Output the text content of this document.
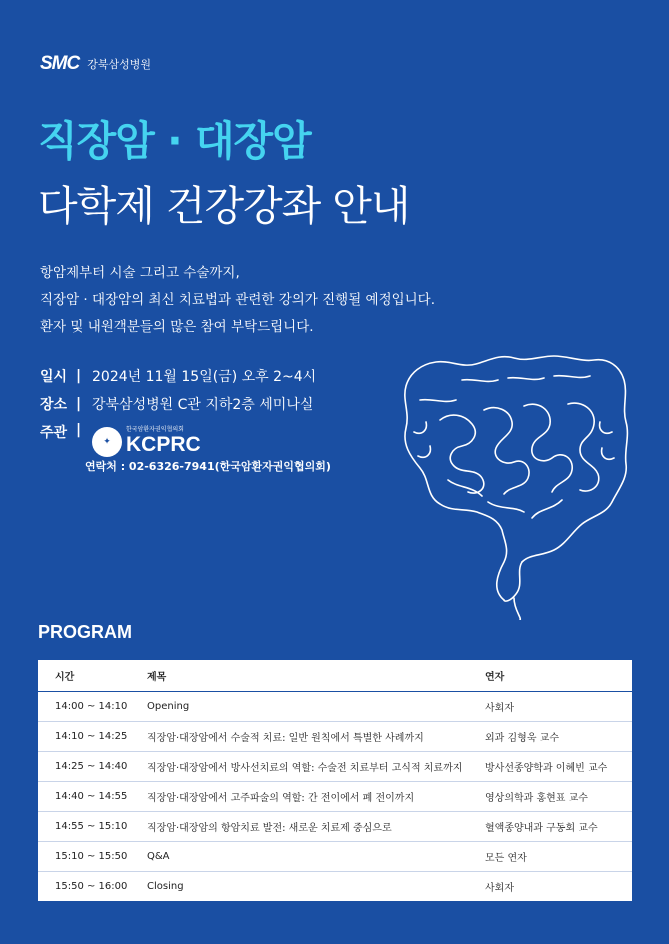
SMC 강북삼성병원
직장암 · 대장암
다학제 건강강좌 안내
항암제부터 시술 그리고 수술까지,
직장암 · 대장암의 최신 치료법과 관련한 강의가 진행될 예정입니다.
환자 및 내원객분들의 많은 참여 부탁드립니다.
일시 | 2024년 11월 15일(금) 오후 2~4시
장소 | 강북삼성병원 C관 지하2층 세미나실
주관 |
✦
한국암환자권익협의회
KCPRC
연락처 : 02-6326-7941(한국암환자권익협의회)
PROGRAM
시간	제목	연자
14:00 ~ 14:10	Opening	사회자
14:10 ~ 14:25	직장암·대장암에서 수술적 치료: 일반 원칙에서 특별한 사례까지	외과 김형욱 교수
14:25 ~ 14:40	직장암·대장암에서 방사선치료의 역할: 수술전 치료부터 고식적 치료까지	방사선종양학과 이혜빈 교수
14:40 ~ 14:55	직장암·대장암에서 고주파술의 역할: 간 전이에서 폐 전이까지	영상의학과 홍현표 교수
14:55 ~ 15:10	직장암·대장암의 항암치료 발전: 새로운 치료제 중심으로	혈액종양내과 구동회 교수
15:10 ~ 15:50	Q&A	모든 연자
15:50 ~ 16:00	Closing	사회자
